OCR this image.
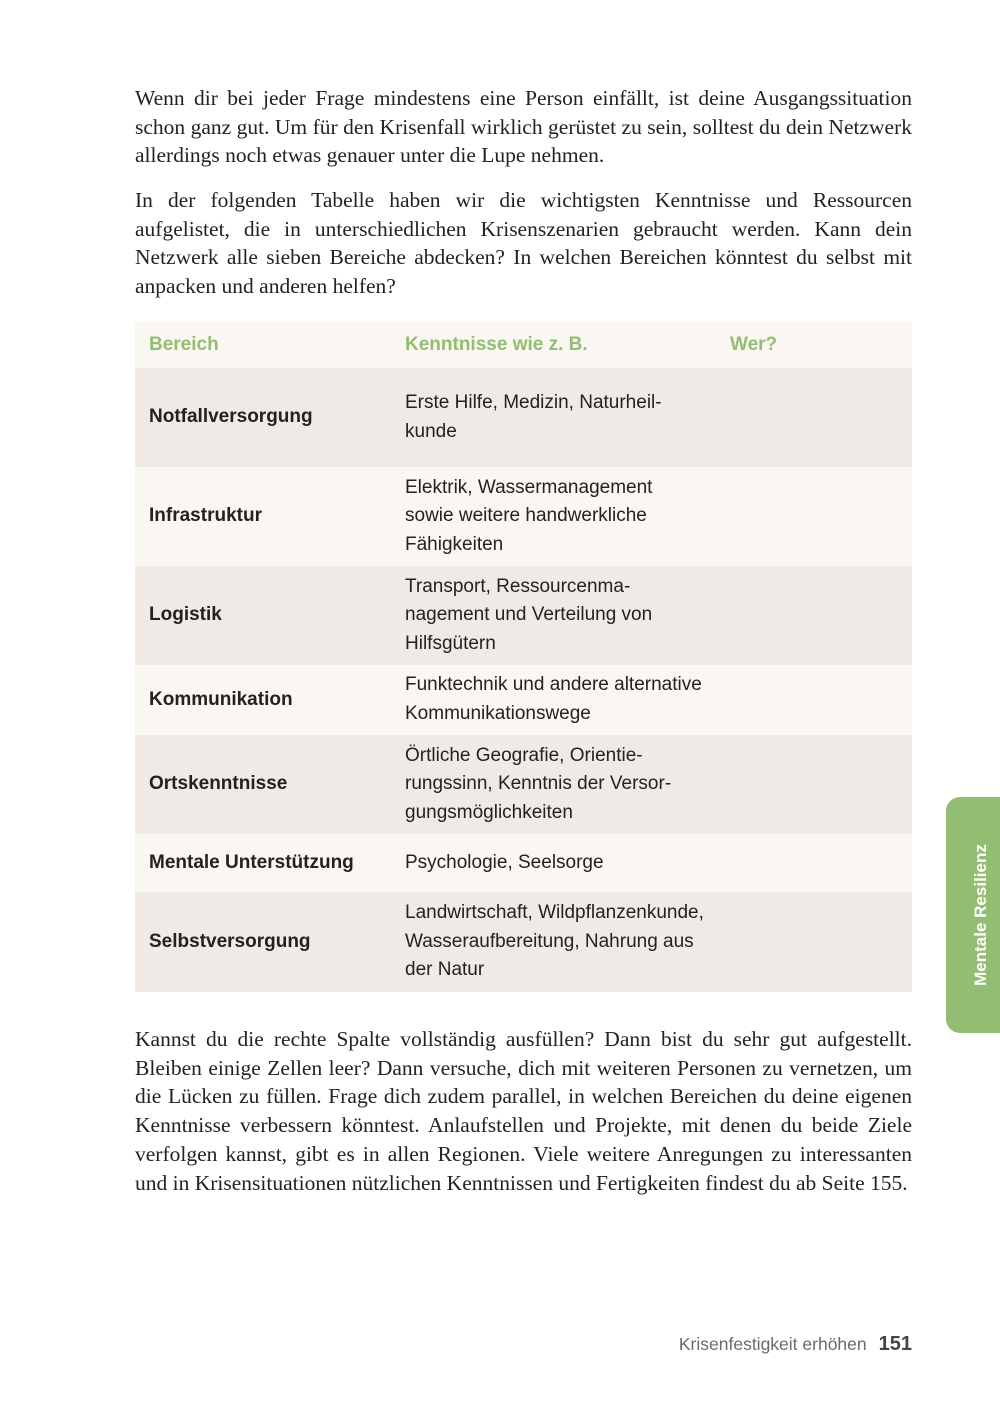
Wenn dir bei jeder Frage mindestens eine Person einfällt, ist deine Ausgangssituation schon ganz gut. Um für den Krisenfall wirklich gerüstet zu sein, solltest du dein Netzwerk allerdings noch etwas genauer unter die Lupe nehmen.

In der folgenden Tabelle haben wir die wichtigsten Kenntnisse und Ressourcen aufgelistet, die in unterschiedlichen Krisenszenarien gebraucht werden. Kann dein Netzwerk alle sieben Bereiche abdecken? In welchen Bereichen könntest du selbst mit anpacken und anderen helfen?

Bereich	Kenntnisse wie z. B.	Wer?
Notfallversorgung	Erste Hilfe, Medizin, Naturheilkunde	
Infrastruktur	Elektrik, Wassermanagement sowie weitere handwerkliche Fähigkeiten	
Logistik	Transport, Ressourcenmanagement und Verteilung von Hilfsgütern	
Kommunikation	Funktechnik und andere alternative Kommunikationswege	
Ortskenntnisse	Örtliche Geografie, Orientierungssinn, Kenntnis der Versorgungsmöglichkeiten	
Mentale Unterstützung	Psychologie, Seelsorge	
Selbstversorgung	Landwirtschaft, Wildpflanzenkunde, Wasseraufbereitung, Nahrung aus der Natur	

Kannst du die rechte Spalte vollständig ausfüllen? Dann bist du sehr gut aufgestellt. Bleiben einige Zellen leer? Dann versuche, dich mit weiteren Personen zu vernetzen, um die Lücken zu füllen. Frage dich zudem parallel, in welchen Bereichen du deine eigenen Kenntnisse verbessern könntest. Anlaufstellen und Projekte, mit denen du beide Ziele verfolgen kannst, gibt es in allen Regionen. Viele weitere Anregungen zu interessanten und in Krisensituationen nützlichen Kenntnissen und Fertigkeiten findest du ab Seite 155.

Mentale Resilienz
Krisenfestigkeit erhöhen 151
